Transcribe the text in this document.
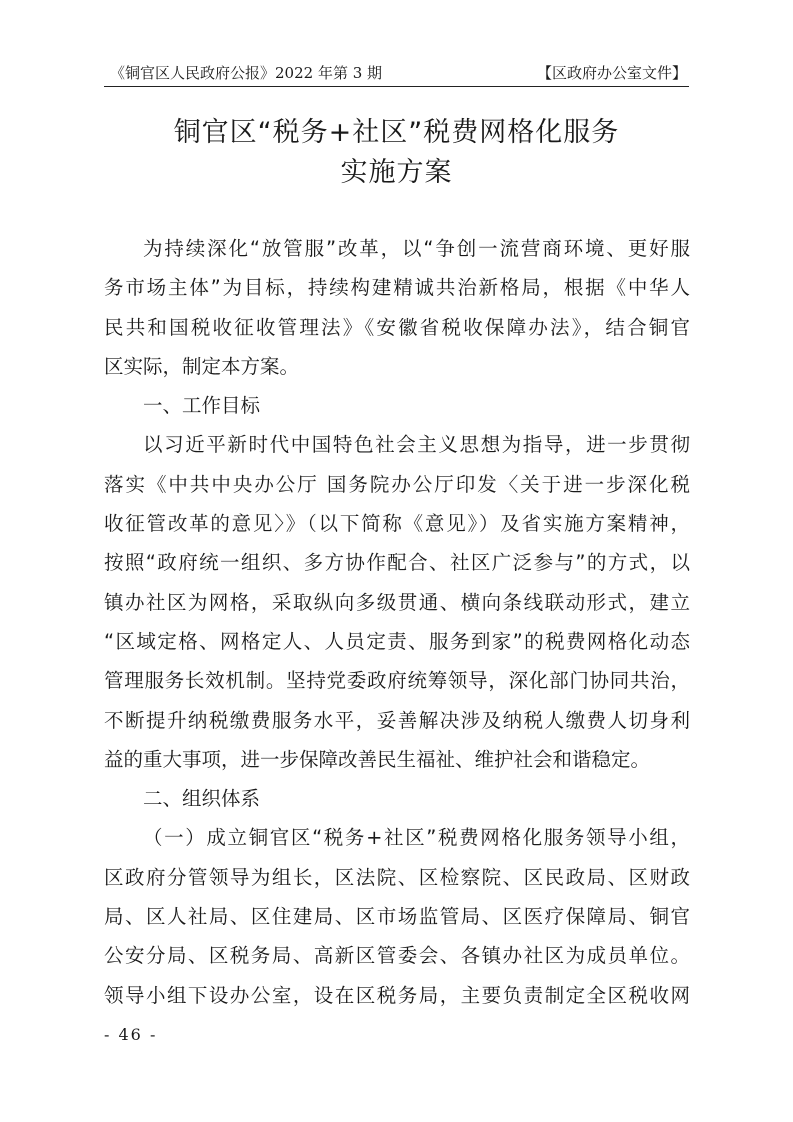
《铜官区人民政府公报》2022 年第 3 期	【区政府办公室文件】
铜官区“税务+社区”税费网格化服务
实施方案
为持续深化“放管服”改革，以“争创一流营商环境、更好服
务市场主体”为目标，持续构建精诚共治新格局，根据《中华人
民共和国税收征收管理法》《安徽省税收保障办法》，结合铜官
区实际，制定本方案。
一、工作目标
以习近平新时代中国特色社会主义思想为指导，进一步贯彻
落实《中共中央办公厅 国务院办公厅印发〈关于进一步深化税
收征管改革的意见〉》（以下简称《意见》）及省实施方案精神，
按照“政府统一组织、多方协作配合、社区广泛参与”的方式，以
镇办社区为网格，采取纵向多级贯通、横向条线联动形式，建立
“区域定格、网格定人、人员定责、服务到家”的税费网格化动态
管理服务长效机制。坚持党委政府统筹领导，深化部门协同共治，
不断提升纳税缴费服务水平，妥善解决涉及纳税人缴费人切身利
益的重大事项，进一步保障改善民生福祉、维护社会和谐稳定。
二、组织体系
（一）成立铜官区“税务+社区”税费网格化服务领导小组，
区政府分管领导为组长，区法院、区检察院、区民政局、区财政
局、区人社局、区住建局、区市场监管局、区医疗保障局、铜官
公安分局、区税务局、高新区管委会、各镇办社区为成员单位。
领导小组下设办公室，设在区税务局，主要负责制定全区税收网
- 46 -
